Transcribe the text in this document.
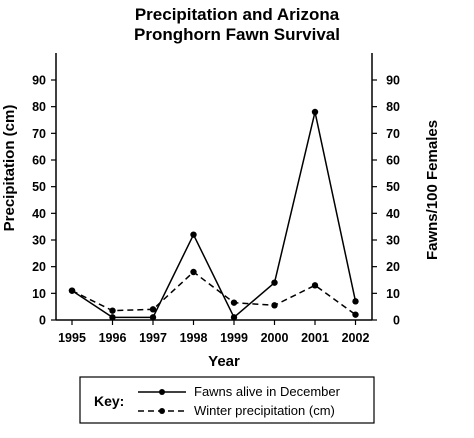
Precipitation and Arizona
Pronghorn Fawn Survival
0	0
10	10
20	20
30	30
40	40
50	50
60	60
70	70
80	80
90	90
1995 1996 1997 1998 1999 2000 2001 2002
Year
Precipitation (cm)	Fawns/100 Females
Key:
Fawns alive in December
Winter precipitation (cm)
